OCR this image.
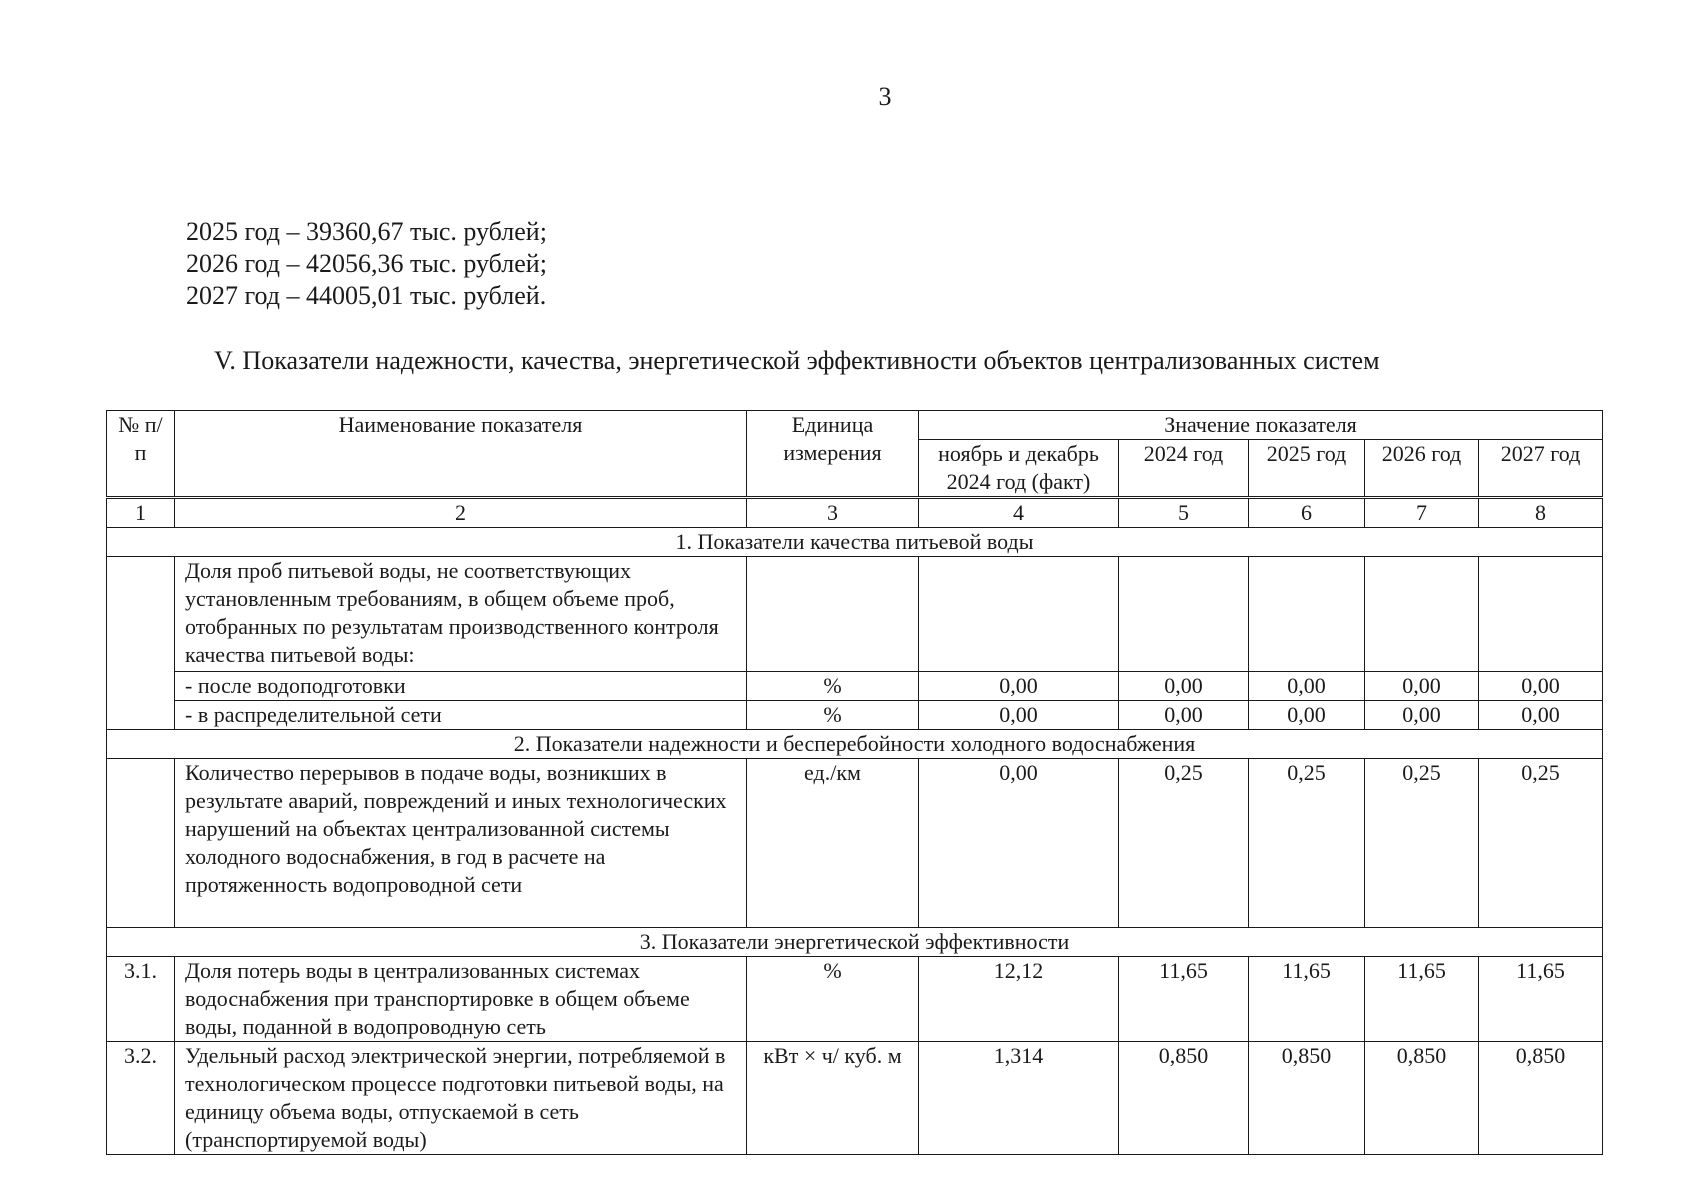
3
2025 год – 39360,67 тыс. рублей;
2026 год – 42056,36 тыс. рублей;
2027 год – 44005,01 тыс. рублей.
V. Показатели надежности, качества, энергетической эффективности объектов централизованных систем
№ п/п	Наименование показателя	Единица измерения	Значение показателя				
			ноябрь и декабрь 2024 год (факт)	2024 год	2025 год	2026 год	2027 год
1	2	3	4	5	6	7	8
1. Показатели качества питьевой воды							
	Доля проб питьевой воды, не соответствующих установленным требованиям, в общем объеме проб, отобранных по результатам производственного контроля качества питьевой воды:						
	- после водоподготовки	%	0,00	0,00	0,00	0,00	0,00
	- в распределительной сети	%	0,00	0,00	0,00	0,00	0,00
2. Показатели надежности и бесперебойности холодного водоснабжения							
	Количество перерывов в подаче воды, возникших в результате аварий, повреждений и иных технологических нарушений на объектах централизованной системы холодного водоснабжения, в год в расчете на протяженность водопроводной сети	ед./км	0,00	0,25	0,25	0,25	0,25
3. Показатели энергетической эффективности							
3.1.	Доля потерь воды в централизованных системах водоснабжения при транспортировке в общем объеме воды, поданной в водопроводную сеть	%	12,12	11,65	11,65	11,65	11,65
3.2.	Удельный расход электрической энергии, потребляемой в технологическом процессе подготовки питьевой воды, на единицу объема воды, отпускаемой в сеть (транспортируемой воды)	кВт × ч/ куб. м	1,314	0,850	0,850	0,850	0,850
